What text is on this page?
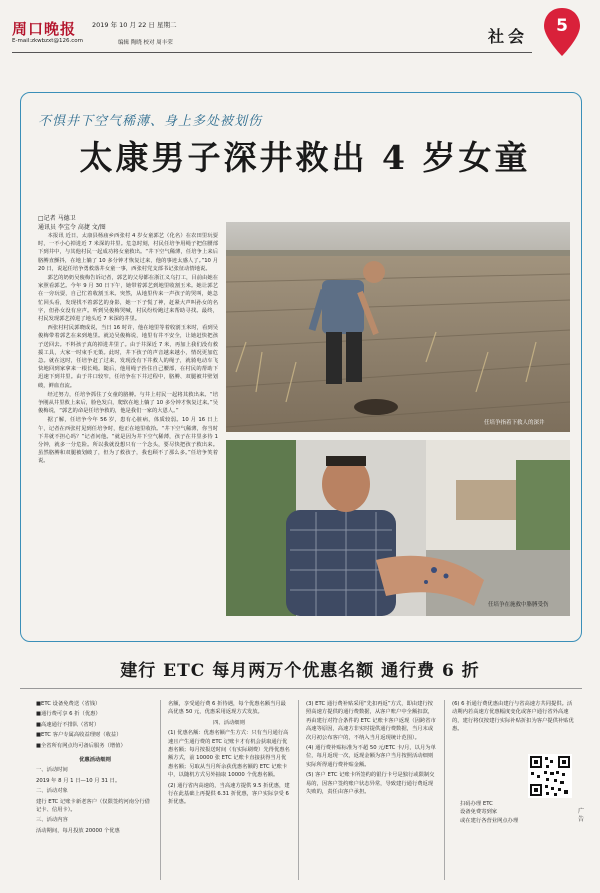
周口晚报 2019 年 10 月 22 日 星期二
E-mail:zkwbzxt@126.com	编辑 陶晓 校对 周丰荣	社会
5
不惧井下空气稀薄、身上多处被划伤
太康男子深井救出 4 岁女童
□记者 马德卫
通讯员 李宝令 高捷 文/图

本报讯 近日，太康县杨庙乡西张村 4 岁女童郭艺（化名）在农田里玩耍时，一不小心掉进近 7 米深的井里。危急时刻，村民任培争用绳子把住腰部下到井中，与其他村民一起成功将女童救出。“井下空气稀薄，任培争上来后胳膊直颤抖，在地上躺了 10 多分钟才恢复过来，他的事迹太感人了。”10 月 20 日，说起任培争勇救落井女童一事，西张村党支部书记张征动情地说。

郭艺的奶奶吴俊梅告诉记者，郭艺的父母都在浙江义乌打工，目前由她在家照看郭艺。今年 9 月 30 日下午，她带着郭艺到地里收割玉米。她让郭艺在一旁玩耍，自己忙着收割玉米。突然，从地里传来一声孩子的哭叫，她急忙回头看，发现找不着郭艺的身影，她一下子慌了神，赶紧大声叫孙女的名字，但孙女没有应声。听到吴俊梅哭喊，村民纷纷跑过来帮助寻找。最终，村民发现郭艺掉进了地头近 7 米深的井里。

西张村村民郭晓成说，当日 16 时许，他在地里等着收割玉米时，看到吴俊梅带着郭艺在来到地里。就边吴俊梅说，地里有井不安全，让她赶快把孩子送回去。不料孩子真的掉进井里了。由于井深近 7 米，再加上我们没有救援工具，大家一时束手无策。此时，井下孩子的声音越来越小，情况更加危急。就在这时，任培争赶了过来，发现没有下井救人的绳子，就骑电动车飞快地回到家拿来一根长绳。随后，他用绳子拴住自己腰部，在村民的帮助下迅速下到井里。由于井口较窄，任培争在下井过程中，胳膊、双腿被井壁划破，鲜血直流。

经过努力，任培争抓住了女童的胳膊。与井上村民一起将其救出来。“培争刚从井里救上来后，脸色发白，爬软在地上躺了 10 多分钟才恢复过来。”吴俊梅说，“郭艺的命是任培争救的，他是我们一家的大恩人。”

据了解，任培争今年 56 岁，患有心脏病，体质较弱。10 月 16 日上午，记者在西张村见到任培争时，他正在地里收拾。“井下空气稀薄，你当时下井就不担心吗？”记者问他。“就是因为井下空气稀薄，孩子在井里多待 1 分钟，就多一分危险。所以我就没想只有一个念头，要尽快把孩子救出来。虽然胳膊和双腿被划破了，但为了救孩子，我也顾不了那么多。”任培争笑着说。

任培争指着下救人的深井
任培争在施救中胳膊受伤
建行 ETC 每月两万个优惠名额 通行费 6 折

■ETC 设备免费送（省钱）

■通行费可享 6 折（优惠）

■高速通行不排队（省时）

■ETC 客户专属高收益理财（收益）

■全省所有网点均可备后服务（增值）

优惠活动细则

一、活动时间

2019 年 8 月 1 日—10 月 31 日。

二、活动对象

建行 ETC 记账卡新老客户（仅限签约河南分行借记卡、信用卡）。

三、活动内容

活动期间，每月投放 20000 个优惠

名额，享受通行费 6 折待遇，每个优惠名额当月最高优惠 50 元，优惠采用返现方式发放。

四、活动细则

(1) 优惠名额：优惠名额产生方式：只有当月通行高速且产生通行费的 ETC 记账卡才有机会获取通行优惠名额；每月按报送时间（有实际刷费）先得优惠名额方式，前 10000 张 ETC 记账卡直接获得当月优惠名额；另取从当月所余获优惠名额的 ETC 记账卡中，以随机方式另外抽取 10000 个优惠名额。

(2) 通行省内高速的，当高速方提供 9.5 折优惠，建行在此基础上再提供 6.31 折优惠，客户实际享受 6 折优惠。

(3) ETC 通行费补贴采用“先扣再返”方式，即由建行按照高速方提供的通行费数据，从客户账户中全额扣款，再由建行对符合条件的 ETC 记账卡客户返现（因跨省市高速等原因，高速方非实时提供通行费数据，当月末或次月初公布客户的，不纳入当月返现统计范围）。

(4) 通行费补贴标准为不超 50 元/ETC 卡/月，以月为单位，每月返现一次，返现金额为客户当月按照活动细则实际所得通行费补贴金额。

(5) 客户 ETC 记账卡所签约的银行卡号是独行或限制交易的，因客户签约账户状态异常，导致建行通行费返现失败的，责任由客户承担。

(6) 6 折通行费优惠由建行与省高速方共同提供。活动期内若高速方优惠幅度变化或客户通行省外高速的，建行将仅按建行实际补贴折扣为客户提供补贴优惠。

扫码办理 ETC

设备免费寄到家

或在建行各营业网点办理

广告
